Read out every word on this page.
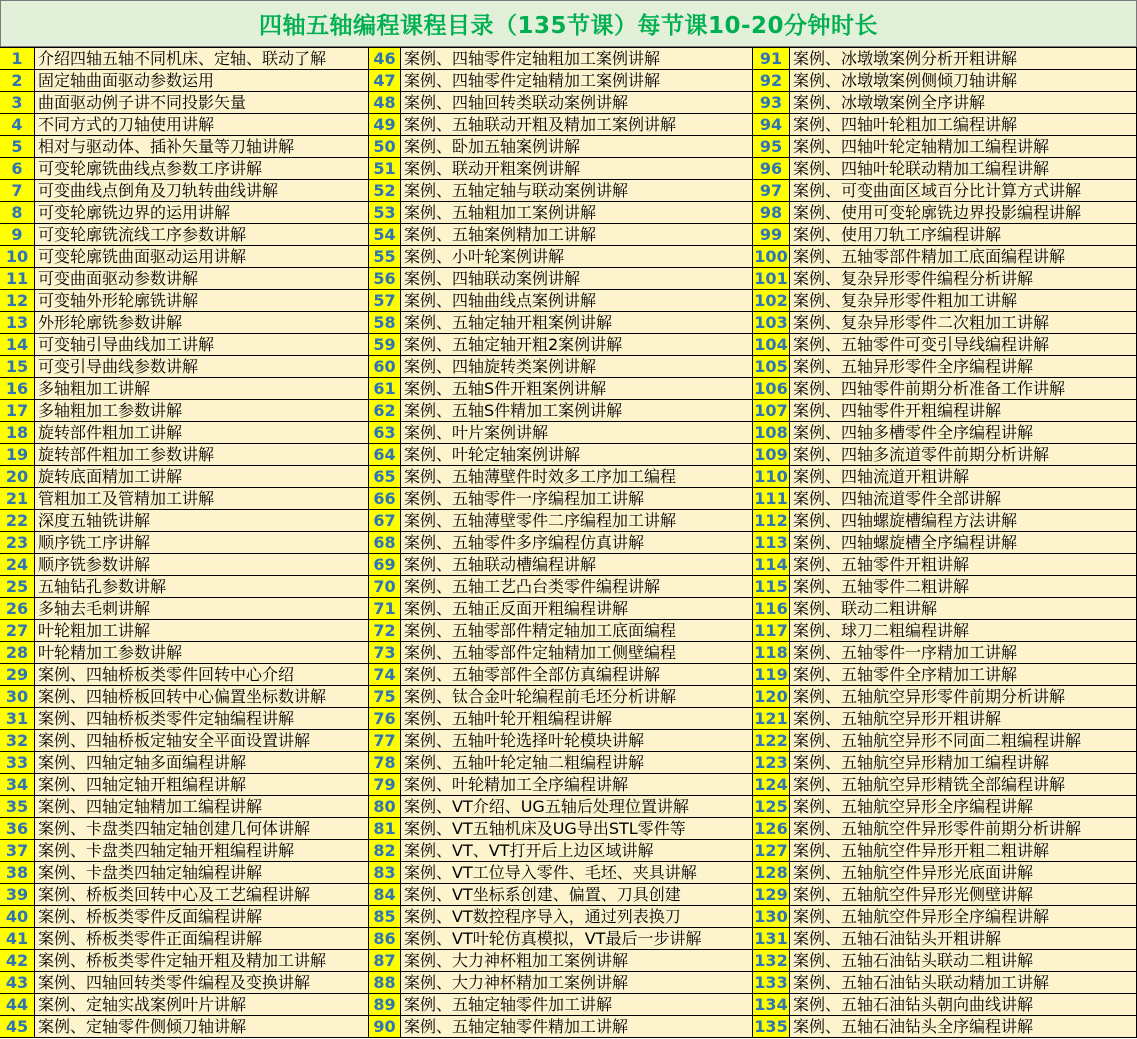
四轴五轴编程课程目录（135节课）每节课10-20分钟时长
1 介绍四轴五轴不同机床、定轴、联动了解
2 固定轴曲面驱动参数运用
3 曲面驱动例子讲不同投影矢量
4 不同方式的刀轴使用讲解
5 相对与驱动体、插补矢量等刀轴讲解
6 可变轮廓铣曲线点参数工序讲解
7 可变曲线点倒角及刀轨转曲线讲解
8 可变轮廓铣边界的运用讲解
9 可变轮廓铣流线工序参数讲解
10 可变轮廓铣曲面驱动运用讲解
11 可变曲面驱动参数讲解
12 可变轴外形轮廓铣讲解
13 外形轮廓铣参数讲解
14 可变轴引导曲线加工讲解
15 可变引导曲线参数讲解
16 多轴粗加工讲解
17 多轴粗加工参数讲解
18 旋转部件粗加工讲解
19 旋转部件粗加工参数讲解
20 旋转底面精加工讲解
21 管粗加工及管精加工讲解
22 深度五轴铣讲解
23 顺序铣工序讲解
24 顺序铣参数讲解
25 五轴钻孔参数讲解
26 多轴去毛刺讲解
27 叶轮粗加工讲解
28 叶轮精加工参数讲解
29 案例、四轴桥板类零件回转中心介绍
30 案例、四轴桥板回转中心偏置坐标数讲解
31 案例、四轴桥板类零件定轴编程讲解
32 案例、四轴桥板定轴安全平面设置讲解
33 案例、四轴定轴多面编程讲解
34 案例、四轴定轴开粗编程讲解
35 案例、四轴定轴精加工编程讲解
36 案例、卡盘类四轴定轴创建几何体讲解
37 案例、卡盘类四轴定轴开粗编程讲解
38 案例、卡盘类四轴定轴编程讲解
39 案例、桥板类回转中心及工艺编程讲解
40 案例、桥板类零件反面编程讲解
41 案例、桥板类零件正面编程讲解
42 案例、桥板类零件定轴开粗及精加工讲解
43 案例、四轴回转类零件编程及变换讲解
44 案例、定轴实战案例叶片讲解
45 案例、定轴零件侧倾刀轴讲解
46 案例、四轴零件定轴粗加工案例讲解
47 案例、四轴零件定轴精加工案例讲解
48 案例、四轴回转类联动案例讲解
49 案例、五轴联动开粗及精加工案例讲解
50 案例、卧加五轴案例讲解
51 案例、联动开粗案例讲解
52 案例、五轴定轴与联动案例讲解
53 案例、五轴粗加工案例讲解
54 案例、五轴案例精加工讲解
55 案例、小叶轮案例讲解
56 案例、四轴联动案例讲解
57 案例、四轴曲线点案例讲解
58 案例、五轴定轴开粗案例讲解
59 案例、五轴定轴开粗2案例讲解
60 案例、四轴旋转类案例讲解
61 案例、五轴S件开粗案例讲解
62 案例、五轴S件精加工案例讲解
63 案例、叶片案例讲解
64 案例、叶轮定轴案例讲解
65 案例、五轴薄壁件时效多工序加工编程
66 案例、五轴零件一序编程加工讲解
67 案例、五轴薄壁零件二序编程加工讲解
68 案例、五轴零件多序编程仿真讲解
69 案例、五轴联动槽编程讲解
70 案例、五轴工艺凸台类零件编程讲解
71 案例、五轴正反面开粗编程讲解
72 案例、五轴零部件精定轴加工底面编程
73 案例、五轴零部件定轴精加工侧壁编程
74 案例、五轴零部件全部仿真编程讲解
75 案例、钛合金叶轮编程前毛坯分析讲解
76 案例、五轴叶轮开粗编程讲解
77 案例、五轴叶轮选择叶轮模块讲解
78 案例、五轴叶轮定轴二粗编程讲解
79 案例、叶轮精加工全序编程讲解
80 案例、VT介绍、UG五轴后处理位置讲解
81 案例、VT五轴机床及UG导出STL零件等
82 案例、VT、VT打开后上边区域讲解
83 案例、VT工位导入零件、毛坯、夹具讲解
84 案例、VT坐标系创建、偏置、刀具创建
85 案例、VT数控程序导入，通过列表换刀
86 案例、VT叶轮仿真模拟，VT最后一步讲解
87 案例、大力神杯粗加工案例讲解
88 案例、大力神杯精加工案例讲解
89 案例、五轴定轴零件加工讲解
90 案例、五轴定轴零件精加工讲解
91 案例、冰墩墩案例分析开粗讲解
92 案例、冰墩墩案例侧倾刀轴讲解
93 案例、冰墩墩案例全序讲解
94 案例、四轴叶轮粗加工编程讲解
95 案例、四轴叶轮定轴精加工编程讲解
96 案例、四轴叶轮联动精加工编程讲解
97 案例、可变曲面区域百分比计算方式讲解
98 案例、使用可变轮廓铣边界投影编程讲解
99 案例、使用刀轨工序编程讲解
100 案例、五轴零部件精加工底面编程讲解
101 案例、复杂异形零件编程分析讲解
102 案例、复杂异形零件粗加工讲解
103 案例、复杂异形零件二次粗加工讲解
104 案例、五轴零件可变引导线编程讲解
105 案例、五轴异形零件全序编程讲解
106 案例、四轴零件前期分析准备工作讲解
107 案例、四轴零件开粗编程讲解
108 案例、四轴多槽零件全序编程讲解
109 案例、四轴多流道零件前期分析讲解
110 案例、四轴流道开粗讲解
111 案例、四轴流道零件全部讲解
112 案例、四轴螺旋槽编程方法讲解
113 案例、四轴螺旋槽全序编程讲解
114 案例、五轴零件开粗讲解
115 案例、五轴零件二粗讲解
116 案例、联动二粗讲解
117 案例、球刀二粗编程讲解
118 案例、五轴零件一序精加工讲解
119 案例、五轴零件全序精加工讲解
120 案例、五轴航空异形零件前期分析讲解
121 案例、五轴航空异形开粗讲解
122 案例、五轴航空异形不同面二粗编程讲解
123 案例、五轴航空异形精加工编程讲解
124 案例、五轴航空异形精铣全部编程讲解
125 案例、五轴航空异形全序编程讲解
126 案例、五轴航空件异形零件前期分析讲解
127 案例、五轴航空件异形开粗二粗讲解
128 案例、五轴航空件异形光底面讲解
129 案例、五轴航空件异形光侧壁讲解
130 案例、五轴航空件异形全序编程讲解
131 案例、五轴石油钻头开粗讲解
132 案例、五轴石油钻头联动二粗讲解
133 案例、五轴石油钻头联动精加工讲解
134 案例、五轴石油钻头朝向曲线讲解
135 案例、五轴石油钻头全序编程讲解
